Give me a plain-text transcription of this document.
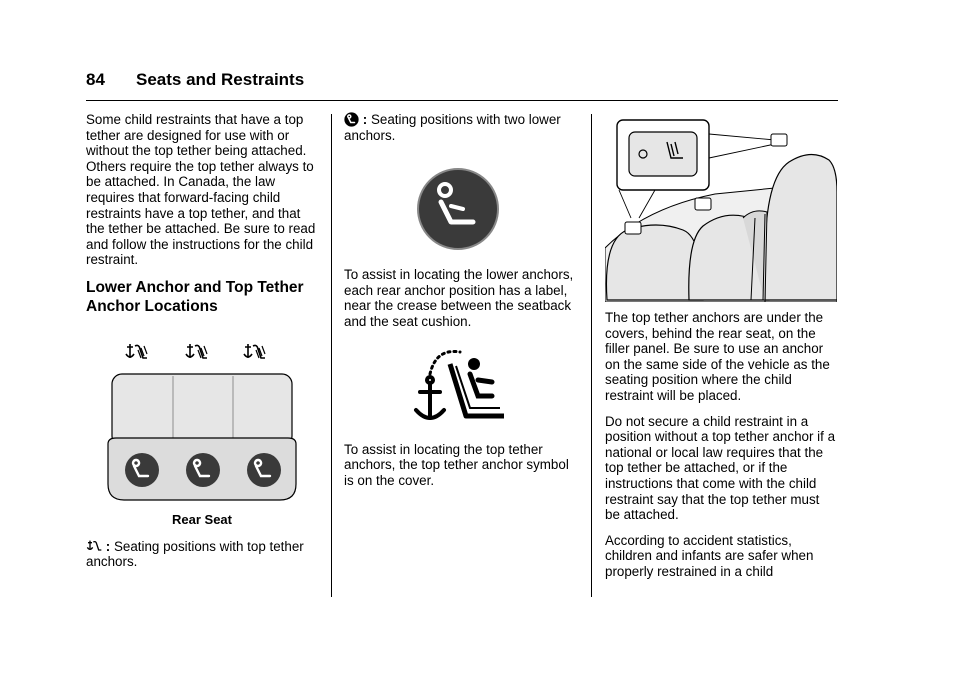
84 Seats and Restraints

Some child restraints that have a top tether are designed for use with or without the top tether being attached. Others require the top tether always to be attached. In Canada, the law requires that forward-facing child restraints have a top tether, and that the tether be attached. Be sure to read and follow the instructions for the child restraint.

Lower Anchor and Top Tether Anchor Locations

Rear Seat

: Seating positions with top tether anchors.

: Seating positions with two lower anchors.

To assist in locating the lower anchors, each rear anchor position has a label, near the crease between the seatback and the seat cushion.

To assist in locating the top tether anchors, the top tether anchor symbol is on the cover.

The top tether anchors are under the covers, behind the rear seat, on the filler panel. Be sure to use an anchor on the same side of the vehicle as the seating position where the child restraint will be placed.

Do not secure a child restraint in a position without a top tether anchor if a national or local law requires that the top tether be attached, or if the instructions that come with the child restraint say that the top tether must be attached.

According to accident statistics, children and infants are safer when properly restrained in a child
